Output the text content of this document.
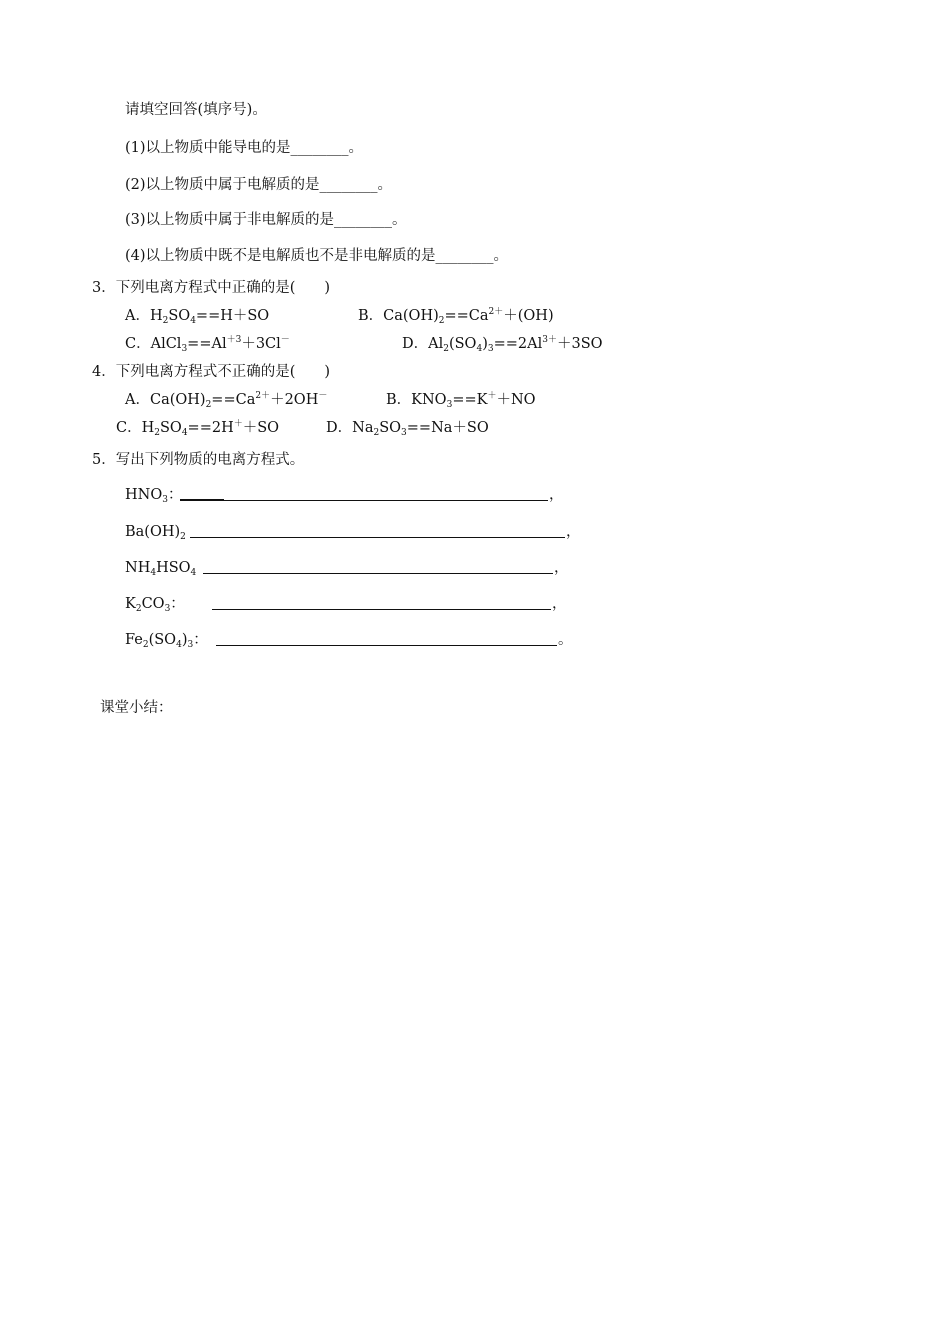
请填空回答(填序号)。
(1)以上物质中能导电的是________。
(2)以上物质中属于电解质的是________。
(3)以上物质中属于非电解质的是________。
(4)以上物质中既不是电解质也不是非电解质的是________。
3．下列电离方程式中正确的是(　　)
A．$H_2SO_4==H+SO$	B．$Ca(OH)_2==Ca^{2+}+(OH)$
C．$AlCl_3==Al^{+3}+3Cl^-$	D．$Al_2(SO_4)_3==2Al^{3+}+3SO$
4．下列电离方程式不正确的是(　　)
A．$Ca(OH)_2==Ca^{2+}+2OH^-$	B．$KNO_3==K^++NO$
C．$H_2SO_4==2H^++SO$	D．$Na_2SO_3==Na+SO$
5．写出下列物质的电离方程式。
$HNO_3$：	，
$Ba(OH)_2$	，
$NH_4HSO_4$	，
$K_2CO_3$：	，
$Fe_2(SO_4)_3$：	。
课堂小结：
